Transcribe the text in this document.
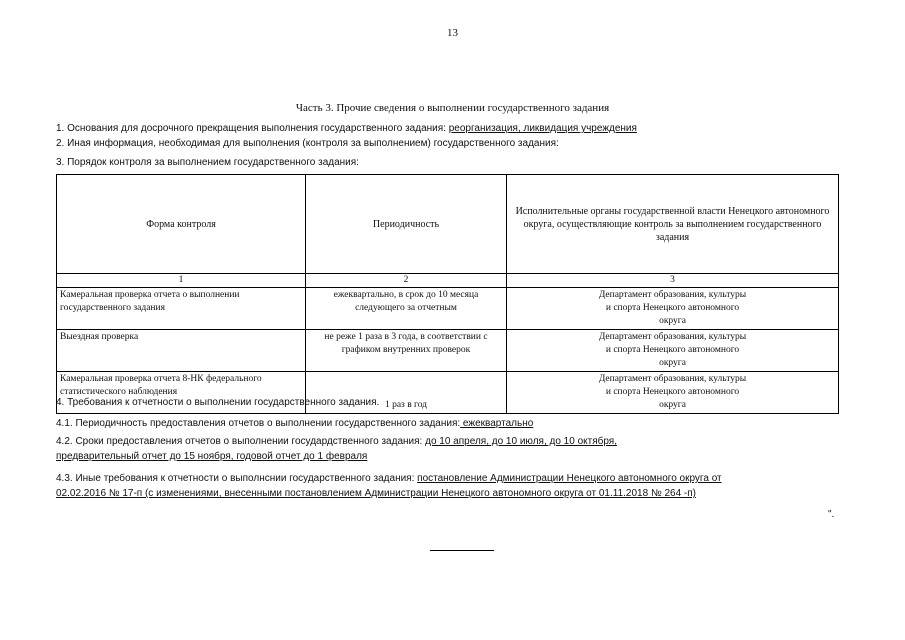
13
Часть 3. Прочие сведения о выполнении государственного задания
1. Основания для досрочного прекращения выполнения государственного задания: реорганизация, ликвидация учреждения
2. Иная информация, необходимая для выполнения (контроля за выполнением) государственного задания:
3. Порядок контроля за выполнением государственного задания:
Форма контроля	Периодичность	Исполнительные органы государственной власти Ненецкого автономного округа, осуществляющие контроль за выполнением государственного задания
1	2	3
Камеральная проверка отчета о выполнении государственного задания	ежеквартально, в срок до 10 месяца следующего за отчетным	Департамент образования, культуры и спорта Ненецкого автономного округа
Выездная проверка	не реже 1 раза в 3 года, в соответствии с графиком внутренних проверок	Департамент образования, культуры и спорта Ненецкого автономного округа
Камеральная проверка отчета 8-НК федерального статистического наблюдения	1 раз в год	Департамент образования, культуры и спорта Ненецкого автономного округа
4. Требования к отчетности о выполнении государственного задания.
4.1. Периодичность предоставления отчетов о выполнении государственного задания: ежеквартально
4.2. Сроки предоставления отчетов о выполнении государдственного задания: до 10 апреля, до 10 июля, до 10 октября,
предварительный отчет до 15 ноября, годовой отчет до 1 февраля
4.3. Иные требования к отчетности о выполнснии государственного задания: постановление Администрации Ненецкого автономного округа от
02.02.2016 № 17-п (с изменениями, внесенными постановлением Администрации Ненецкого автономного округа от 01.11.2018 № 264 -п)
".
